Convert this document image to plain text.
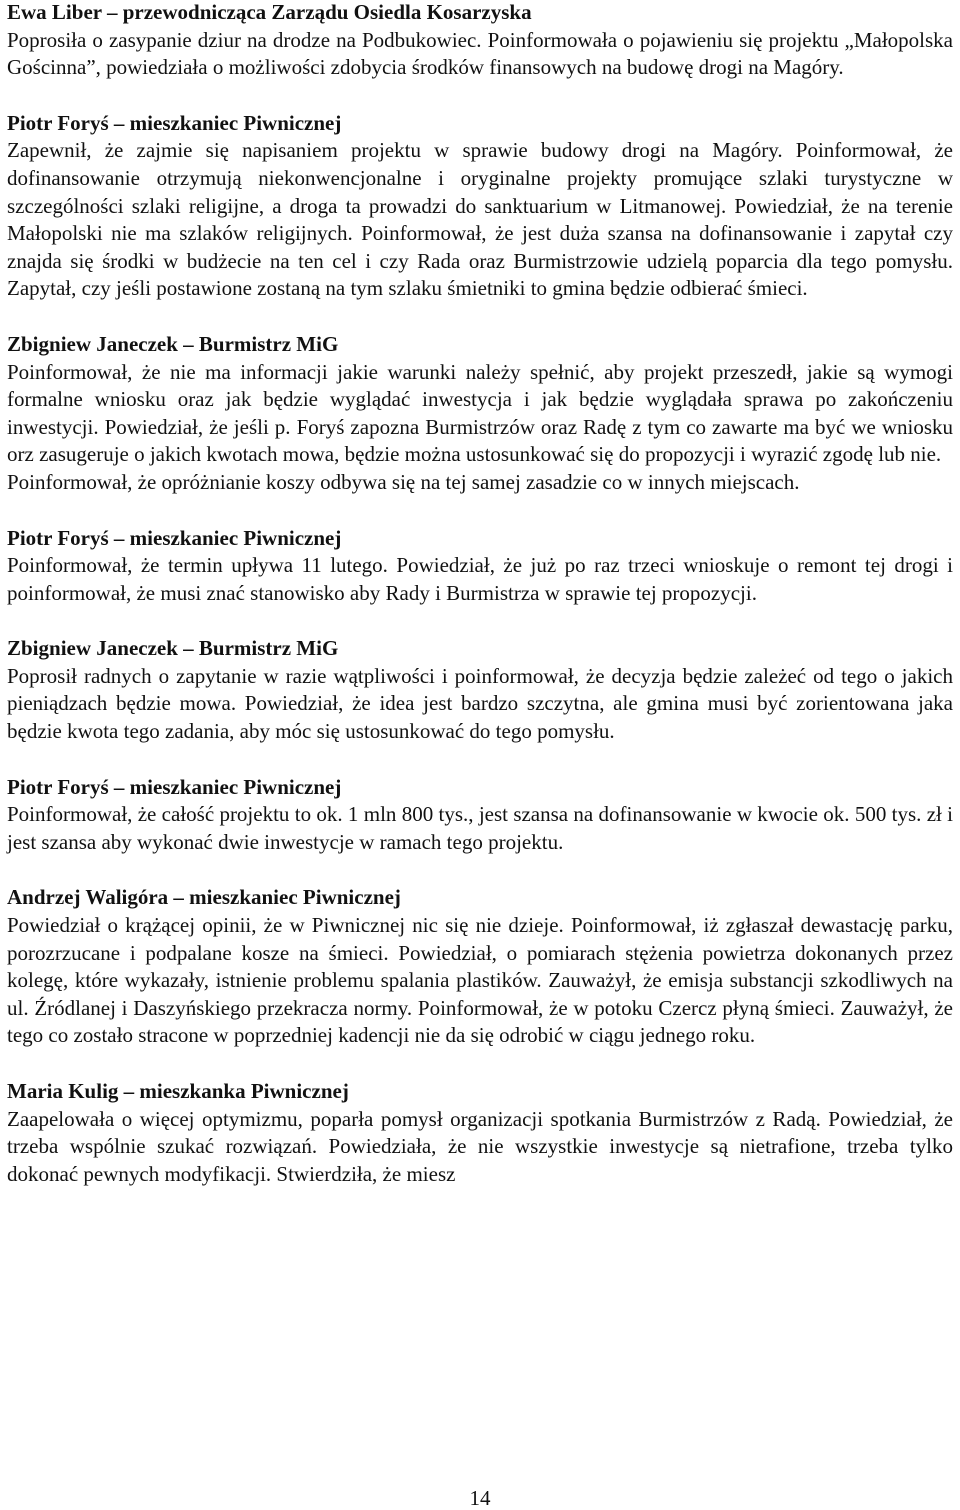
Ewa Liber – przewodnicząca Zarządu Osiedla Kosarzyska

Poprosiła o zasypanie dziur na drodze na Podbukowiec. Poinformowała o pojawieniu się projektu „Małopolska Gościnna”, powiedziała o możliwości zdobycia środków finansowych na budowę drogi na Magóry.

Piotr Foryś – mieszkaniec Piwnicznej

Zapewnił, że zajmie się napisaniem projektu w sprawie budowy drogi na Magóry. Poinformował, że dofinansowanie otrzymują niekonwencjonalne i oryginalne projekty promujące szlaki turystyczne w szczególności szlaki religijne, a droga ta prowadzi do sanktuarium w Litmanowej. Powiedział, że na terenie Małopolski nie ma szlaków religijnych. Poinformował, że jest duża szansa na dofinansowanie i zapytał czy znajda się środki w budżecie na ten cel i czy Rada oraz Burmistrzowie udzielą poparcia dla tego pomysłu. Zapytał, czy jeśli postawione zostaną na tym szlaku śmietniki to gmina będzie odbierać śmieci.

Zbigniew Janeczek – Burmistrz MiG

Poinformował, że nie ma informacji jakie warunki należy spełnić, aby projekt przeszedł, jakie są wymogi formalne wniosku oraz jak będzie wyglądać inwestycja i jak będzie wyglądała sprawa po zakończeniu inwestycji. Powiedział, że jeśli p. Foryś zapozna Burmistrzów oraz Radę z tym co zawarte ma być we wniosku orz zasugeruje o jakich kwotach mowa, będzie można ustosunkować się do propozycji i wyrazić zgodę lub nie.

Poinformował, że opróżnianie koszy odbywa się na tej samej zasadzie co w innych miejscach.

Piotr Foryś – mieszkaniec Piwnicznej

Poinformował, że termin upływa 11 lutego. Powiedział, że już po raz trzeci wnioskuje o remont tej drogi i poinformował, że musi znać stanowisko aby Rady i Burmistrza w sprawie tej propozycji.

Zbigniew Janeczek – Burmistrz MiG

Poprosił radnych o zapytanie w razie wątpliwości i poinformował, że decyzja będzie zależeć od tego o jakich pieniądzach będzie mowa. Powiedział, że idea jest bardzo szczytna, ale gmina musi być zorientowana jaka będzie kwota tego zadania, aby móc się ustosunkować do tego pomysłu.

Piotr Foryś – mieszkaniec Piwnicznej

Poinformował, że całość projektu to ok. 1 mln 800 tys., jest szansa na dofinansowanie w kwocie ok. 500 tys. zł i jest szansa aby wykonać dwie inwestycje w ramach tego projektu.

Andrzej Waligóra – mieszkaniec Piwnicznej

Powiedział o krążącej opinii, że w Piwnicznej nic się nie dzieje. Poinformował, iż zgłaszał dewastację parku, porozrzucane i podpalane kosze na śmieci. Powiedział, o pomiarach stężenia powietrza dokonanych przez kolegę, które wykazały, istnienie problemu spalania plastików. Zauważył, że emisja substancji szkodliwych na ul. Źródlanej i Daszyńskiego przekracza normy. Poinformował, że w potoku Czercz płyną śmieci. Zauważył, że tego co zostało stracone w poprzedniej kadencji nie da się odrobić w ciągu jednego roku.

Maria Kulig – mieszkanka Piwnicznej

Zaapelowała o więcej optymizmu, poparła pomysł organizacji spotkania Burmistrzów z Radą. Powiedział, że trzeba wspólnie szukać rozwiązań. Powiedziała, że nie wszystkie inwestycje są nietrafione, trzeba tylko dokonać pewnych modyfikacji. Stwierdziła, że miesz

14
